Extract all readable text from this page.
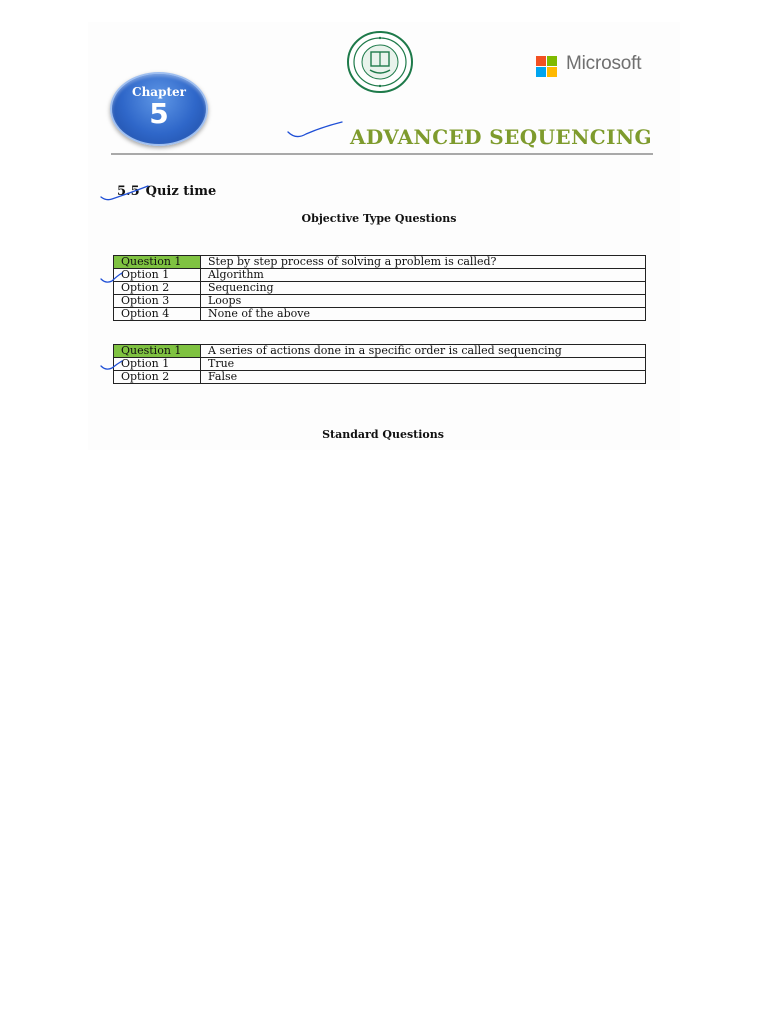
Chapter
5
Microsoft
ADVANCED SEQUENCING
5.5 Quiz time
Objective Type Questions
Question 1	Step by step process of solving a problem is called?
Option 1	Algorithm
Option 2	Sequencing
Option 3	Loops
Option 4	None of the above
Question 1	A series of actions done in a specific order is called sequencing
Option 1	True
Option 2	False
Standard Questions
